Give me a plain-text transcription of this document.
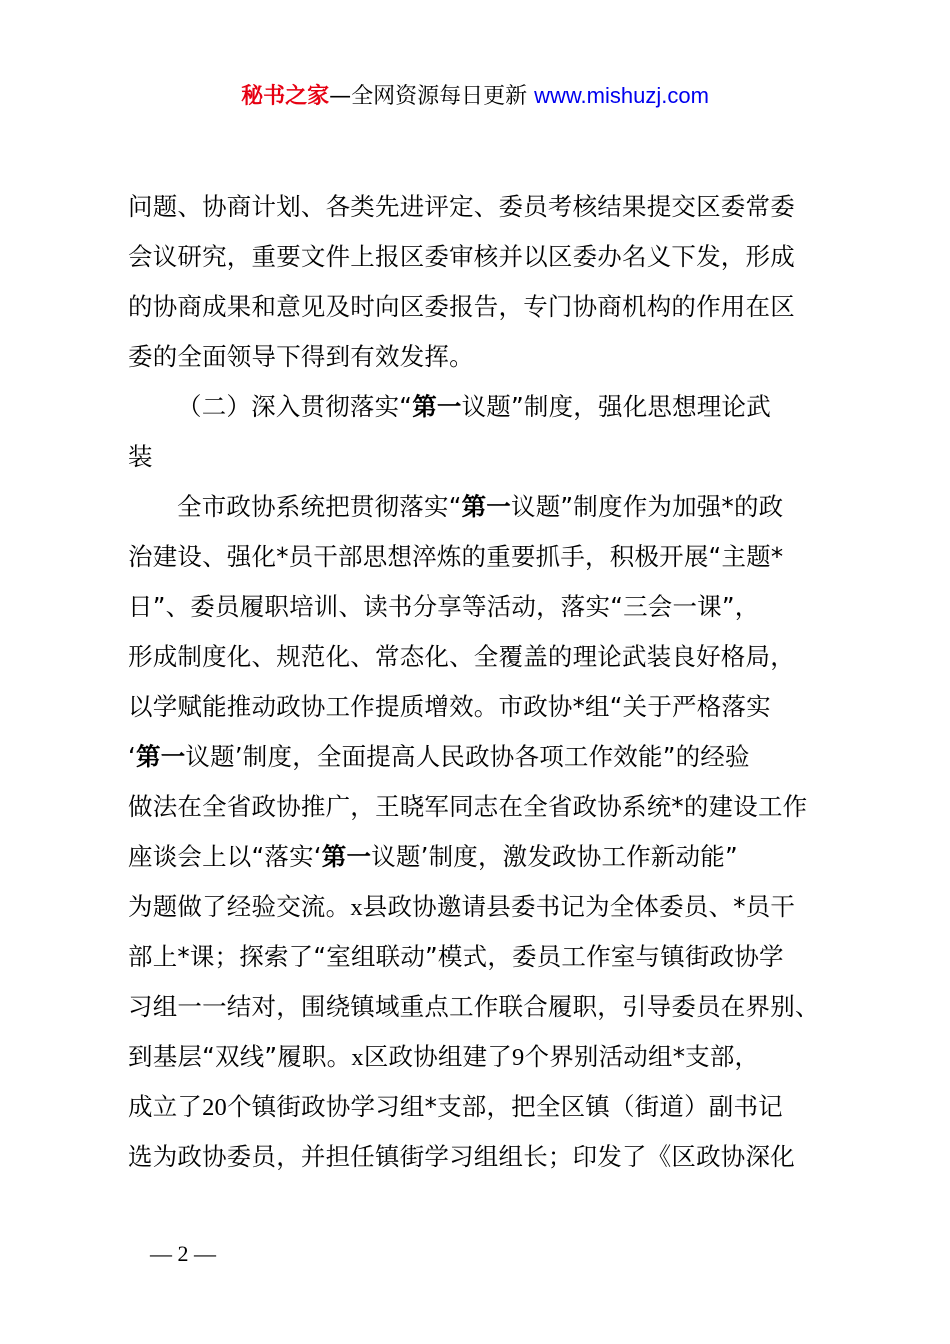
秘书之家—全网资源每日更新 www.mishuzj.com
问题、协商计划、各类先进评定、委员考核结果提交区委常委
会议研究，重要文件上报区委审核并以区委办名义下发，形成
的协商成果和意见及时向区委报告，专门协商机构的作用在区
委的全面领导下得到有效发挥。
（二）深入贯彻落实“第一议题”制度，强化思想理论武
装
全市政协系统把贯彻落实“第一议题”制度作为加强*的政
治建设、强化*员干部思想淬炼的重要抓手，积极开展“主题*
日”、委员履职培训、读书分享等活动，落实“三会一课”，
形成制度化、规范化、常态化、全覆盖的理论武装良好格局，
以学赋能推动政协工作提质增效。市政协*组“关于严格落实
‘第一议题’制度，全面提高人民政协各项工作效能”的经验
做法在全省政协推广，王晓军同志在全省政协系统*的建设工作
座谈会上以“落实‘第一议题’制度，激发政协工作新动能”
为题做了经验交流。x县政协邀请县委书记为全体委员、*员干
部上*课；探索了“室组联动”模式，委员工作室与镇街政协学
习组一一结对，围绕镇域重点工作联合履职，引导委员在界别、
到基层“双线”履职。x区政协组建了9个界别活动组*支部，
成立了20个镇街政协学习组*支部，把全区镇（街道）副书记
选为政协委员，并担任镇街学习组组长；印发了《区政协深化
— 2 —
